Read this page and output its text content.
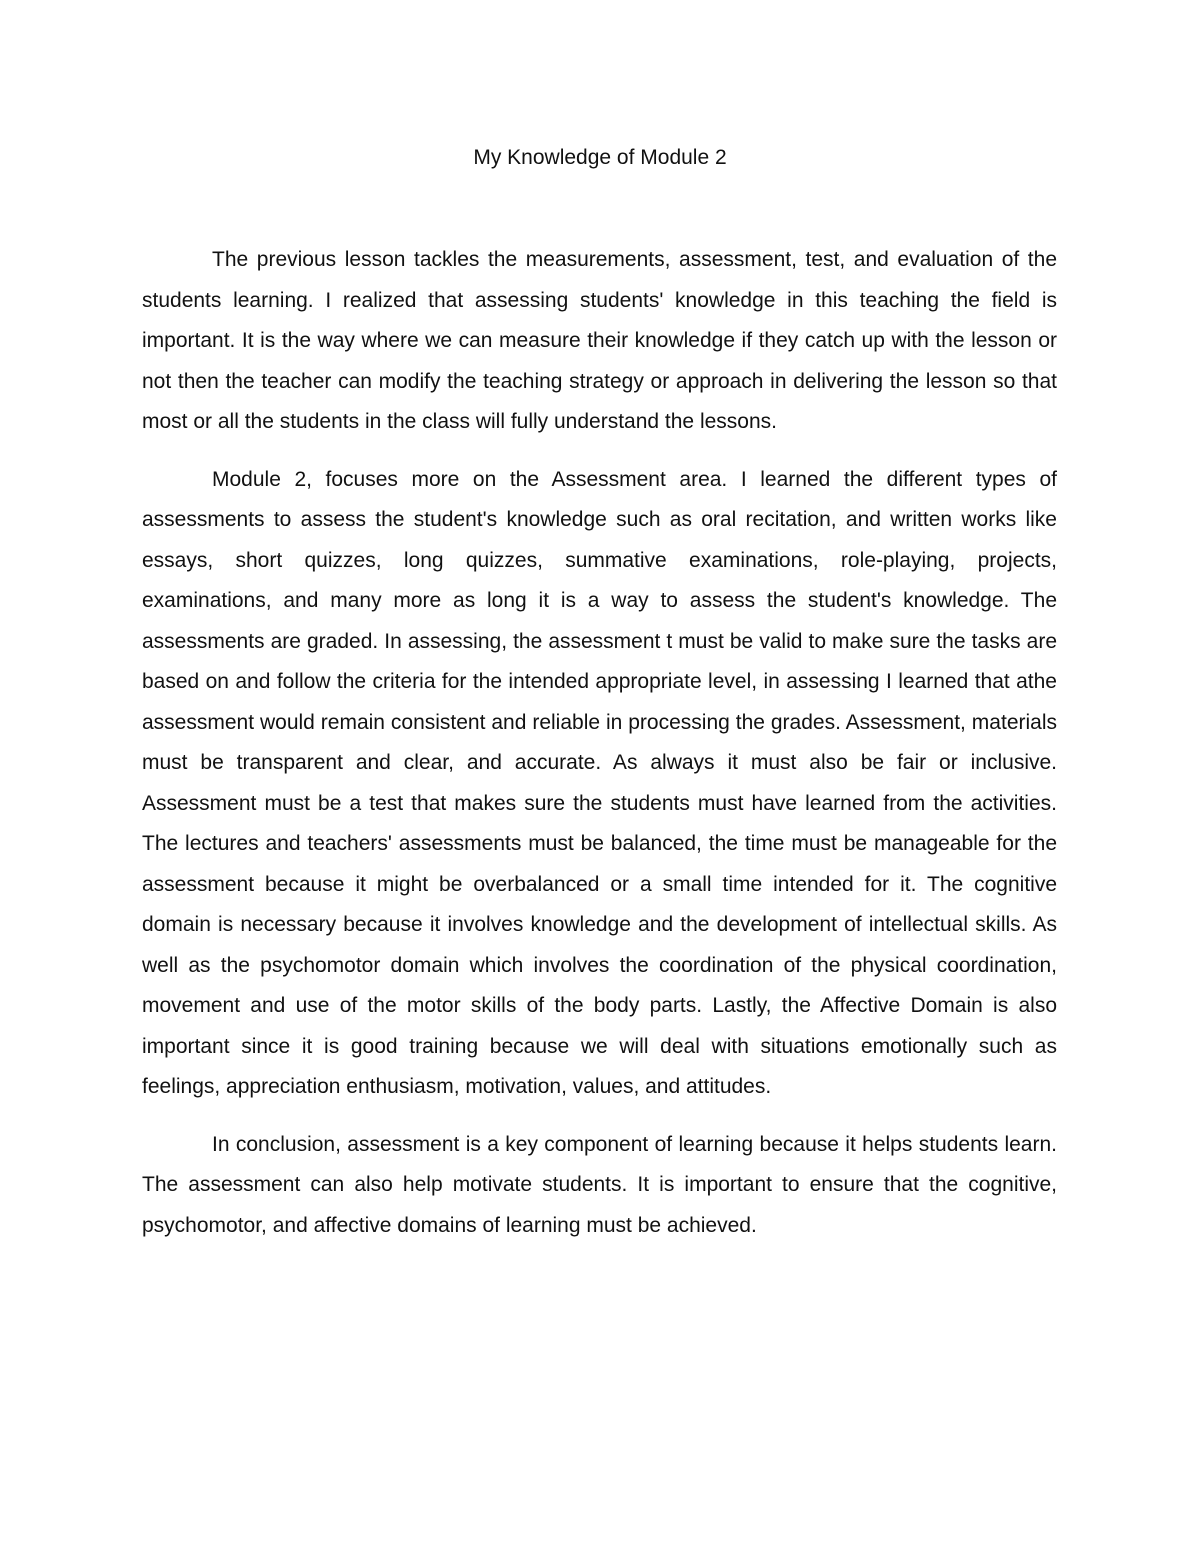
My Knowledge of Module 2

The previous lesson tackles the measurements, assessment, test, and evaluation of the students learning. I realized that assessing students' knowledge in this teaching the field is important. It is the way where we can measure their knowledge if they catch up with the lesson or not then the teacher can modify the teaching strategy or approach in delivering the lesson so that most or all the students in the class will fully understand the lessons.

Module 2, focuses more on the Assessment area. I learned the different types of assessments to assess the student's knowledge such as oral recitation, and written works like essays, short quizzes, long quizzes, summative examinations, role-playing, projects, examinations, and many more as long it is a way to assess the student's knowledge. The assessments are graded. In assessing, the assessment t must be valid to make sure the tasks are based on and follow the criteria for the intended appropriate level, in assessing I learned that athe assessment would remain consistent and reliable in processing the grades. Assessment, materials must be transparent and clear, and accurate. As always it must also be fair or inclusive. Assessment must be a test that makes sure the students must have learned from the activities. The lectures and teachers' assessments must be balanced, the time must be manageable for the assessment because it might be overbalanced or a small time intended for it. The cognitive domain is necessary because it involves knowledge and the development of intellectual skills. As well as the psychomotor domain which involves the coordination of the physical coordination, movement and use of the motor skills of the body parts. Lastly, the Affective Domain is also important since it is good training because we will deal with situations emotionally such as feelings, appreciation enthusiasm, motivation, values, and attitudes.

In conclusion, assessment is a key component of learning because it helps students learn. The assessment can also help motivate students. It is important to ensure that the cognitive, psychomotor, and affective domains of learning must be achieved.
